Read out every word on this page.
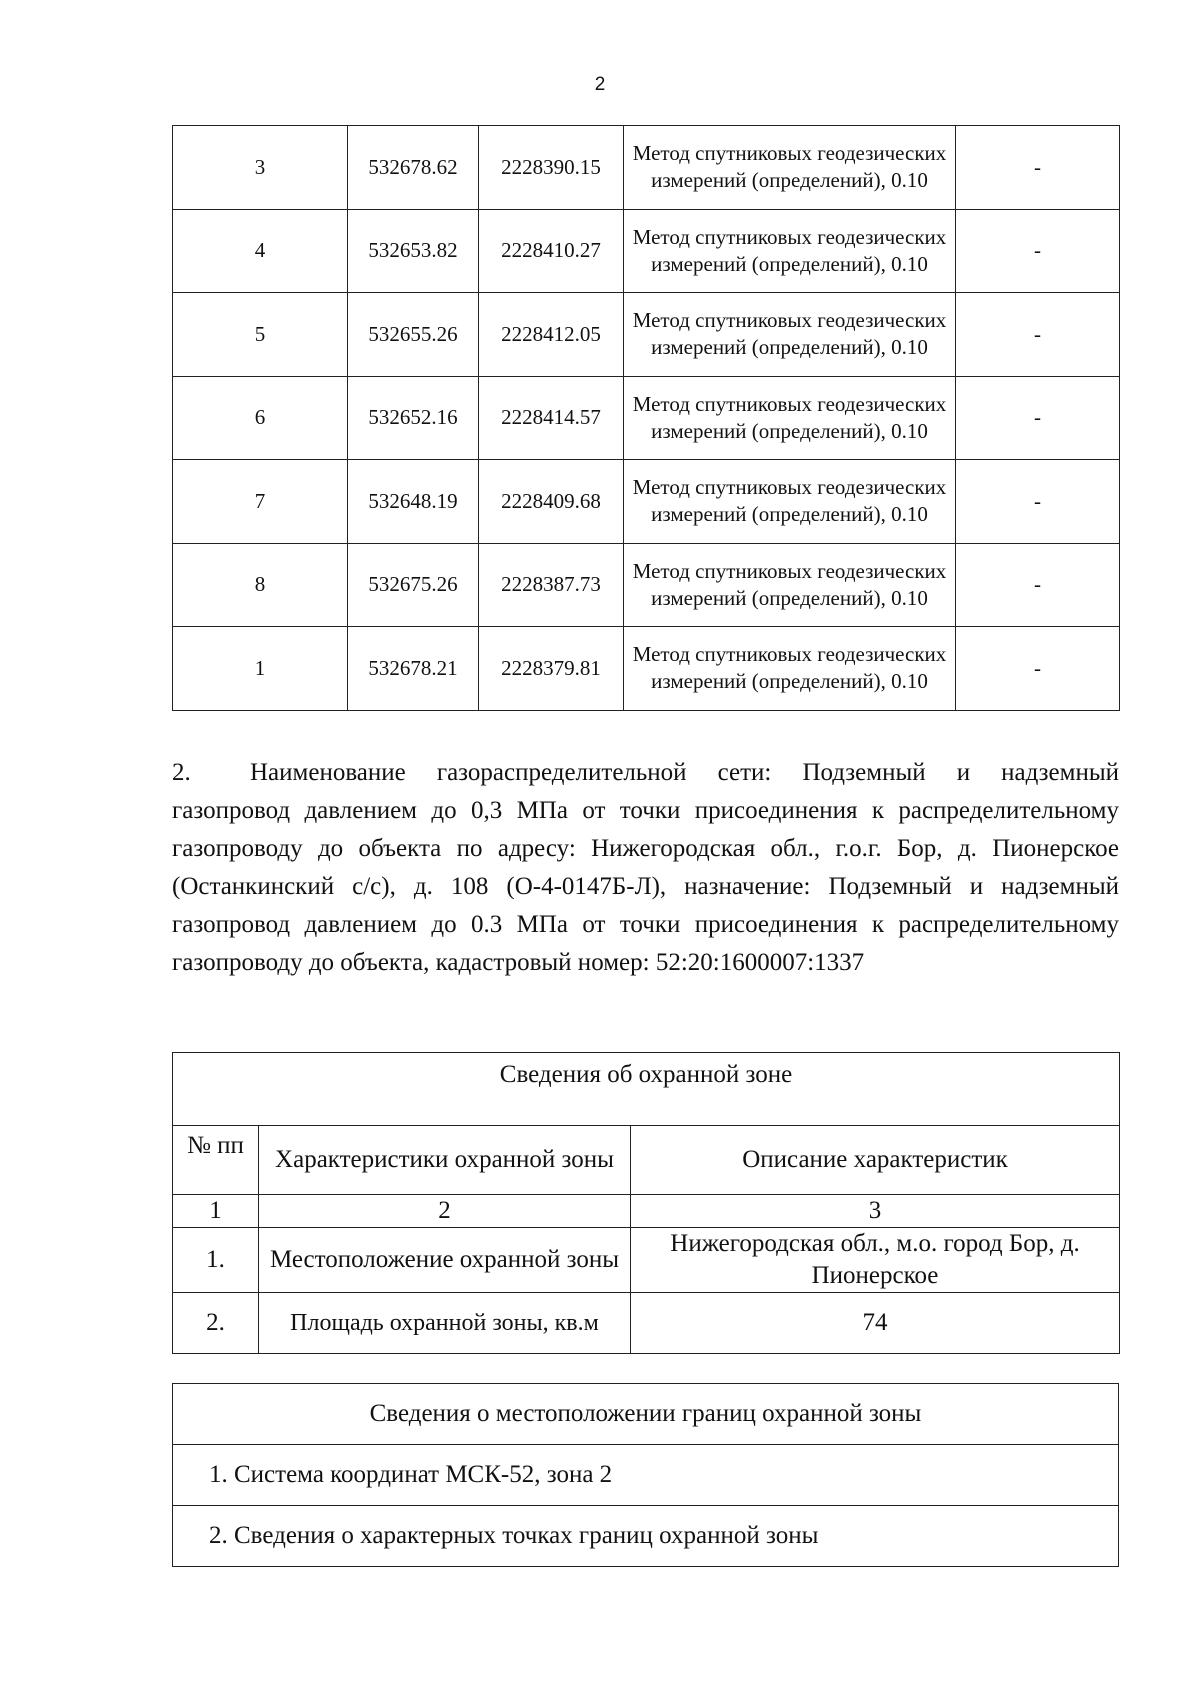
2
3	532678.62	2228390.15	Метод спутниковых геодезических измерений (определений), 0.10	-
4	532653.82	2228410.27	Метод спутниковых геодезических измерений (определений), 0.10	-
5	532655.26	2228412.05	Метод спутниковых геодезических измерений (определений), 0.10	-
6	532652.16	2228414.57	Метод спутниковых геодезических измерений (определений), 0.10	-
7	532648.19	2228409.68	Метод спутниковых геодезических измерений (определений), 0.10	-
8	532675.26	2228387.73	Метод спутниковых геодезических измерений (определений), 0.10	-
1	532678.21	2228379.81	Метод спутниковых геодезических измерений (определений), 0.10	-

2. Наименование газораспределительной сети: Подземный и надземный газопровод давлением до 0,3 МПа от точки присоединения к распределительному газопроводу до объекта по адресу: Нижегородская обл., г.о.г. Бор, д. Пионерское (Останкинский с/с), д. 108 (О-4-0147Б-Л), назначение: Подземный и надземный газопровод давлением до 0.3 МПа от точки присоединения к распределительному газопроводу до объекта, кадастровый номер: 52:20:1600007:1337

Сведения об охранной зоне		
№ пп	Характеристики охранной зоны	Описание характеристик
1	2	3
1.	Местоположение охранной зоны	Нижегородская обл., м.о. город Бор, д. Пионерское
2.	Площадь охранной зоны, кв.м	74
Сведения о местоположении границ охранной зоны
1. Система координат МСК-52, зона 2
2. Сведения о характерных точках границ охранной зоны
